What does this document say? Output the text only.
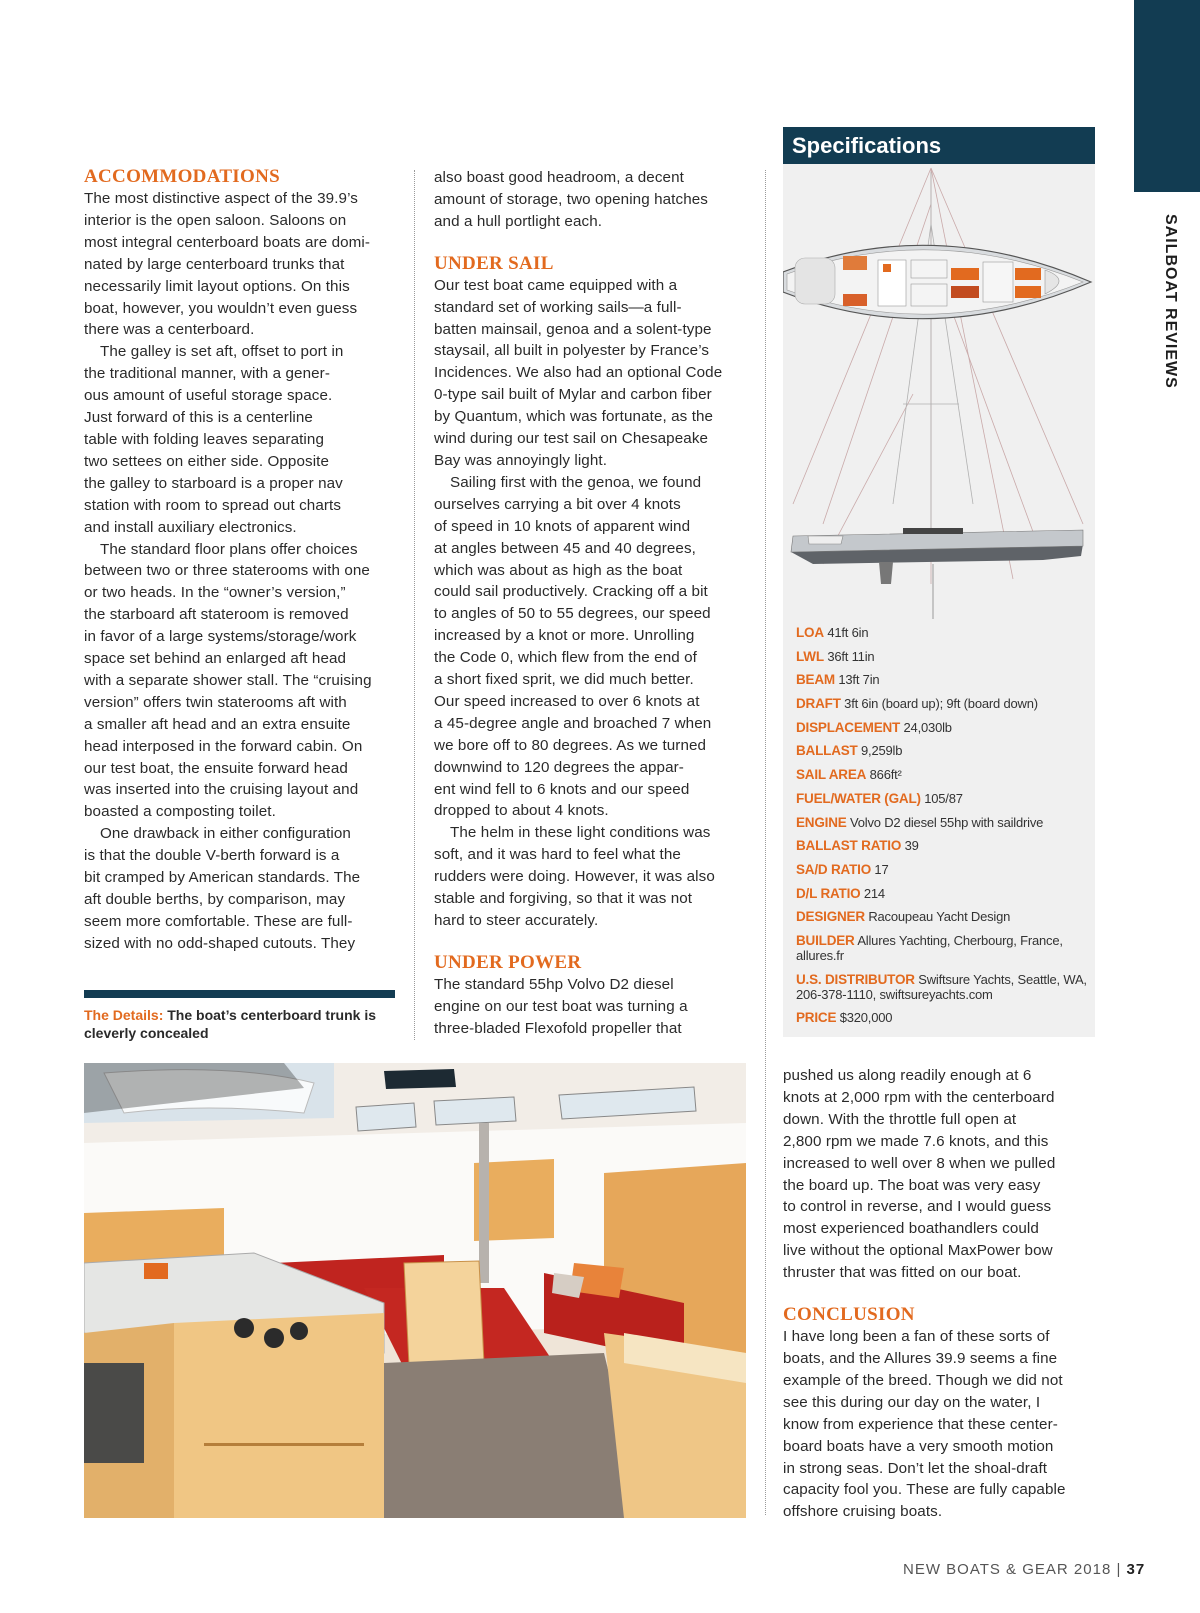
SAILBOAT REVIEWS
ACCOMMODATIONS

The most distinctive aspect of the 39.9’s

interior is the open saloon. Saloons on

most integral centerboard boats are domi-

nated by large centerboard trunks that

necessarily limit layout options. On this

boat, however, you wouldn’t even guess

there was a centerboard.

The galley is set aft, offset to port in

the traditional manner, with a gener-

ous amount of useful storage space.

Just forward of this is a centerline

table with folding leaves separating

two settees on either side. Opposite

the galley to starboard is a proper nav

station with room to spread out charts

and install auxiliary electronics.

The standard floor plans offer choices

between two or three staterooms with one

or two heads. In the “owner’s version,”

the starboard aft stateroom is removed

in favor of a large systems/storage/work

space set behind an enlarged aft head

with a separate shower stall. The “cruising

version” offers twin staterooms aft with

a smaller aft head and an extra ensuite

head interposed in the forward cabin. On

our test boat, the ensuite forward head

was inserted into the cruising layout and

boasted a composting toilet.

One drawback in either configuration

is that the double V-berth forward is a

bit cramped by American standards. The

aft double berths, by comparison, may

seem more comfortable. These are full-

sized with no odd-shaped cutouts. They

also boast good headroom, a decent

amount of storage, two opening hatches

and a hull portlight each.

UNDER SAIL

Our test boat came equipped with a

standard set of working sails—a full-

batten mainsail, genoa and a solent-type

staysail, all built in polyester by France’s

Incidences. We also had an optional Code

0-type sail built of Mylar and carbon fiber

by Quantum, which was fortunate, as the

wind during our test sail on Chesapeake

Bay was annoyingly light.

Sailing first with the genoa, we found

ourselves carrying a bit over 4 knots

of speed in 10 knots of apparent wind

at angles between 45 and 40 degrees,

which was about as high as the boat

could sail productively. Cracking off a bit

to angles of 50 to 55 degrees, our speed

increased by a knot or more. Unrolling

the Code 0, which flew from the end of

a short fixed sprit, we did much better.

Our speed increased to over 6 knots at

a 45-degree angle and broached 7 when

we bore off to 80 degrees. As we turned

downwind to 120 degrees the appar-

ent wind fell to 6 knots and our speed

dropped to about 4 knots.

The helm in these light conditions was

soft, and it was hard to feel what the

rudders were doing. However, it was also

stable and forgiving, so that it was not

hard to steer accurately.

UNDER POWER

The standard 55hp Volvo D2 diesel

engine on our test boat was turning a

three-bladed Flexofold propeller that

Specifications
LOA 41ft 6in
LWL 36ft 11in
BEAM 13ft 7in
DRAFT 3ft 6in (board up); 9ft (board down)
DISPLACEMENT 24,030lb
BALLAST 9,259lb
SAIL AREA 866ft²
FUEL/WATER (GAL) 105/87
ENGINE Volvo D2 diesel 55hp with saildrive
BALLAST RATIO 39
SA/D RATIO 17
D/L RATIO 214
DESIGNER Racoupeau Yacht Design
BUILDER Allures Yachting, Cherbourg, France, allures.fr
U.S. DISTRIBUTOR Swiftsure Yachts, Seattle, WA, 206-378-1110, swiftsureyachts.com
PRICE $320,000
The Details: The boat’s centerboard trunk is cleverly concealed

pushed us along readily enough at 6

knots at 2,000 rpm with the centerboard

down. With the throttle full open at

2,800 rpm we made 7.6 knots, and this

increased to well over 8 when we pulled

the board up. The boat was very easy

to control in reverse, and I would guess

most experienced boathandlers could

live without the optional MaxPower bow

thruster that was fitted on our boat.

CONCLUSION

I have long been a fan of these sorts of

boats, and the Allures 39.9 seems a fine

example of the breed. Though we did not

see this during our day on the water, I

know from experience that these center-

board boats have a very smooth motion

in strong seas. Don’t let the shoal-draft

capacity fool you. These are fully capable

offshore cruising boats.

NEW BOATS & GEAR 2018 | 37
